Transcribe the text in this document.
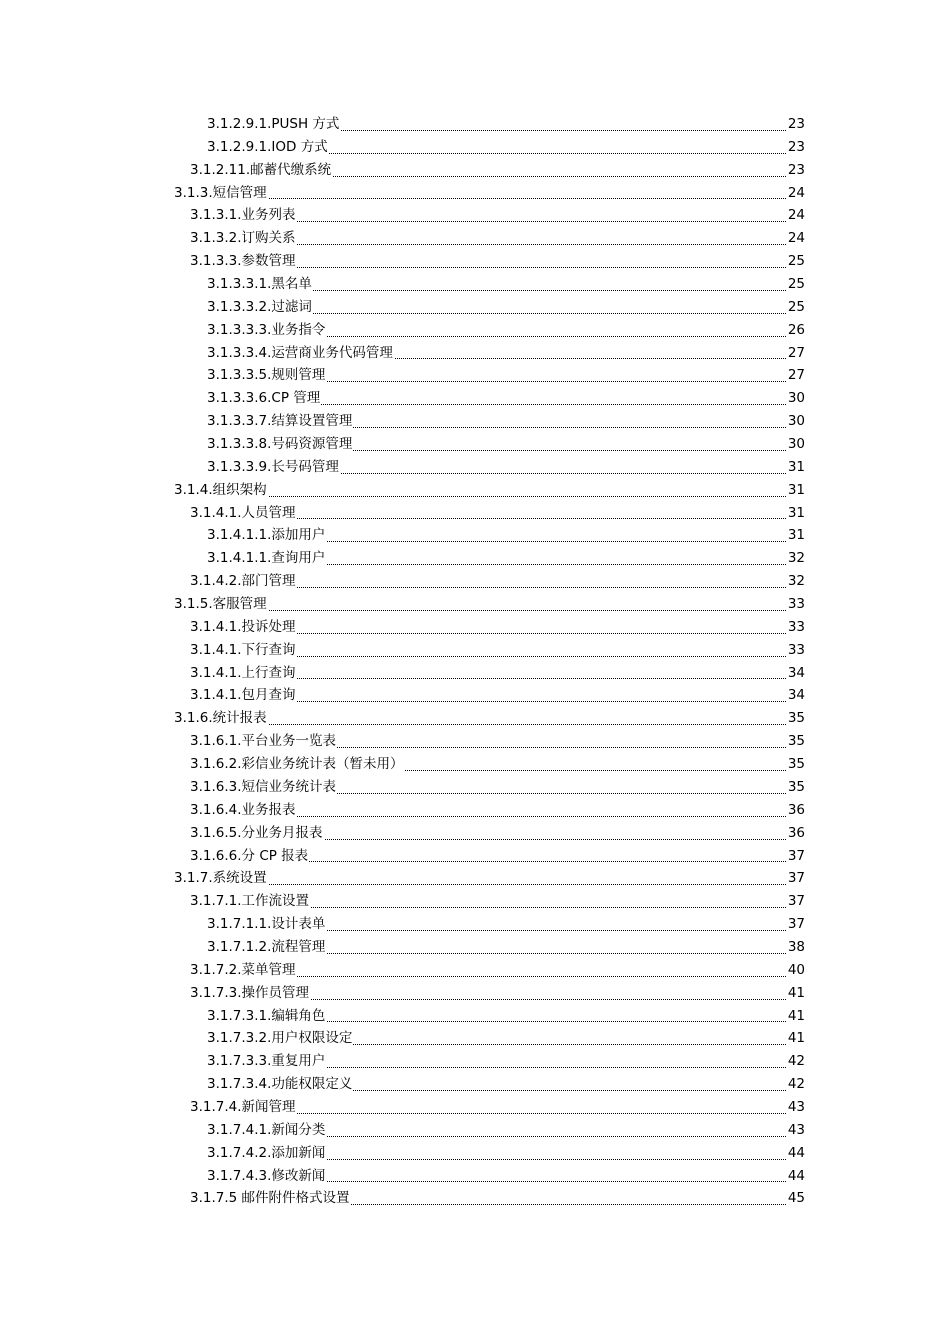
3.1.2.9.1.PUSH 方式	23
3.1.2.9.1.IOD 方式	23
3.1.2.11.邮蓄代缴系统	23
3.1.3.短信管理	24
3.1.3.1.业务列表	24
3.1.3.2.订购关系	24
3.1.3.3.参数管理	25
3.1.3.3.1.黑名单	25
3.1.3.3.2.过滤词	25
3.1.3.3.3.业务指令	26
3.1.3.3.4.运营商业务代码管理	27
3.1.3.3.5.规则管理	27
3.1.3.3.6.CP 管理	30
3.1.3.3.7.结算设置管理	30
3.1.3.3.8.号码资源管理	30
3.1.3.3.9.长号码管理	31
3.1.4.组织架构	31
3.1.4.1.人员管理	31
3.1.4.1.1.添加用户	31
3.1.4.1.1.查询用户	32
3.1.4.2.部门管理	32
3.1.5.客服管理	33
3.1.4.1.投诉处理	33
3.1.4.1.下行查询	33
3.1.4.1.上行查询	34
3.1.4.1.包月查询	34
3.1.6.统计报表	35
3.1.6.1.平台业务一览表	35
3.1.6.2.彩信业务统计表（暂未用）	35
3.1.6.3.短信业务统计表	35
3.1.6.4.业务报表	36
3.1.6.5.分业务月报表	36
3.1.6.6.分 CP 报表	37
3.1.7.系统设置	37
3.1.7.1.工作流设置	37
3.1.7.1.1.设计表单	37
3.1.7.1.2.流程管理	38
3.1.7.2.菜单管理	40
3.1.7.3.操作员管理	41
3.1.7.3.1.编辑角色	41
3.1.7.3.2.用户权限设定	41
3.1.7.3.3.重复用户	42
3.1.7.3.4.功能权限定义	42
3.1.7.4.新闻管理	43
3.1.7.4.1.新闻分类	43
3.1.7.4.2.添加新闻	44
3.1.7.4.3.修改新闻	44
3.1.7.5 邮件附件格式设置	45
